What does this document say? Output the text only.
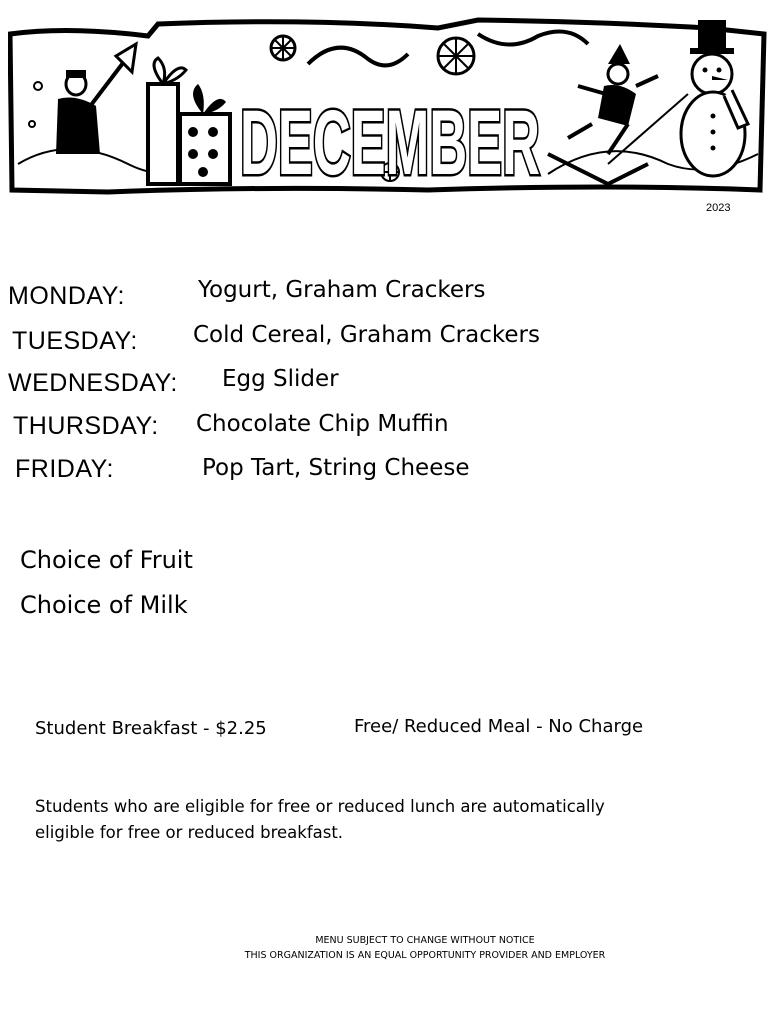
DECEMBER
2023
MONDAY:	Yogurt, Graham Crackers
TUESDAY: Cold Cereal, Graham Crackers
WEDNESDAY: Egg Slider
THURSDAY: Chocolate Chip Muffin
FRIDAY:	Pop Tart, String Cheese
Choice of Fruit
Choice of Milk
Student Breakfast - $2.25	Free/ Reduced Meal - No Charge
Students who are eligible for free or reduced lunch are automatically
eligible for free or reduced breakfast.
MENU SUBJECT TO CHANGE WITHOUT NOTICE
THIS ORGANIZATION IS AN EQUAL OPPORTUNITY PROVIDER AND EMPLOYER
